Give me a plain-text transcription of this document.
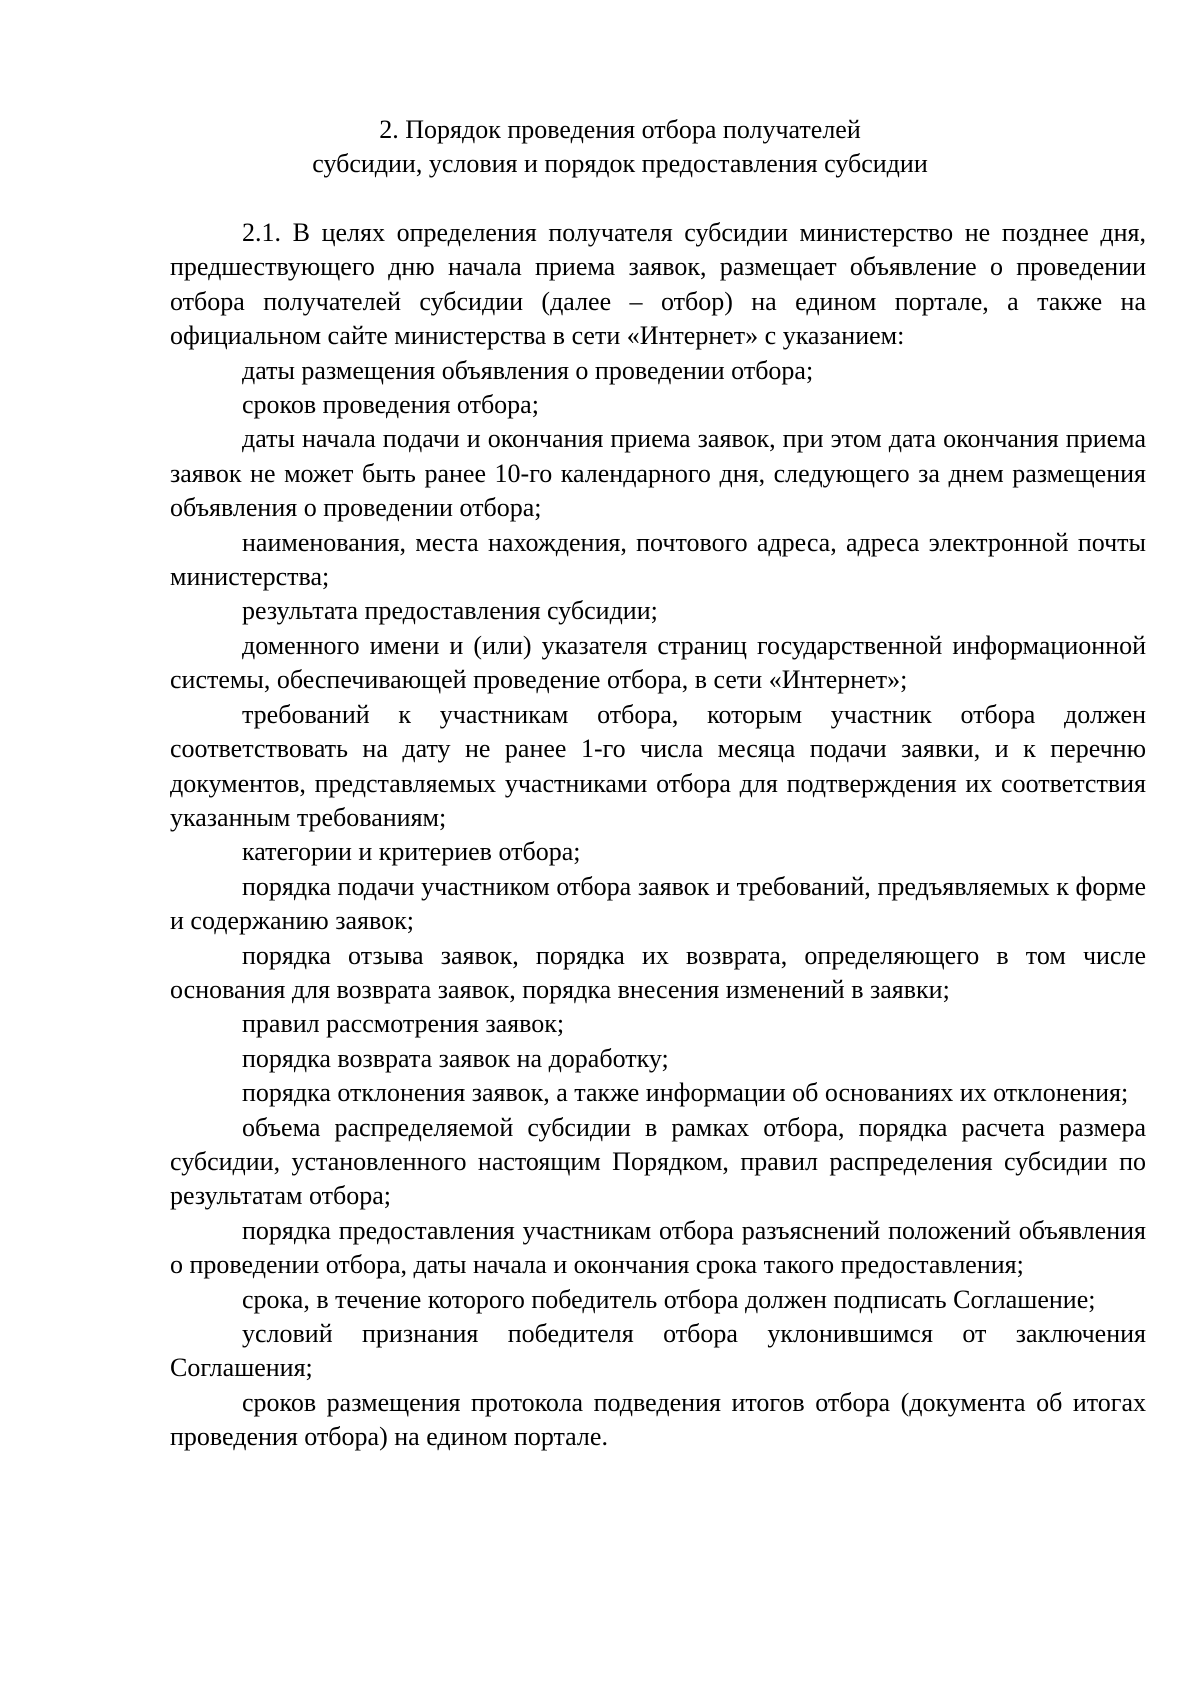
2. Порядок проведения отбора получателей
субсидии, условия и порядок предоставления субсидии

2.1. В целях определения получателя субсидии министерство не позднее дня, предшествующего дню начала приема заявок, размещает объявление о проведении отбора получателей субсидии (далее – отбор) на едином портале, а также на официальном сайте министерства в сети «Интернет» с указанием:

даты размещения объявления о проведении отбора;

сроков проведения отбора;

даты начала подачи и окончания приема заявок, при этом дата окончания приема заявок не может быть ранее 10-го календарного дня, следующего за днем размещения объявления о проведении отбора;

наименования, места нахождения, почтового адреса, адреса электронной почты министерства;

результата предоставления субсидии;

доменного имени и (или) указателя страниц государственной информационной системы, обеспечивающей проведение отбора, в сети «Интернет»;

требований к участникам отбора, которым участник отбора должен соответствовать на дату не ранее 1-го числа месяца подачи заявки, и к перечню документов, представляемых участниками отбора для подтверждения их соответствия указанным требованиям;

категории и критериев отбора;

порядка подачи участником отбора заявок и требований, предъявляемых к форме и содержанию заявок;

порядка отзыва заявок, порядка их возврата, определяющего в том числе основания для возврата заявок, порядка внесения изменений в заявки;

правил рассмотрения заявок;

порядка возврата заявок на доработку;

порядка отклонения заявок, а также информации об основаниях их отклонения;

объема распределяемой субсидии в рамках отбора, порядка расчета размера субсидии, установленного настоящим Порядком, правил распределения субсидии по результатам отбора;

порядка предоставления участникам отбора разъяснений положений объявления о проведении отбора, даты начала и окончания срока такого предоставления;

срока, в течение которого победитель отбора должен подписать Соглашение;

условий признания победителя отбора уклонившимся от заключения Соглашения;

сроков размещения протокола подведения итогов отбора (документа об итогах проведения отбора) на едином портале.
